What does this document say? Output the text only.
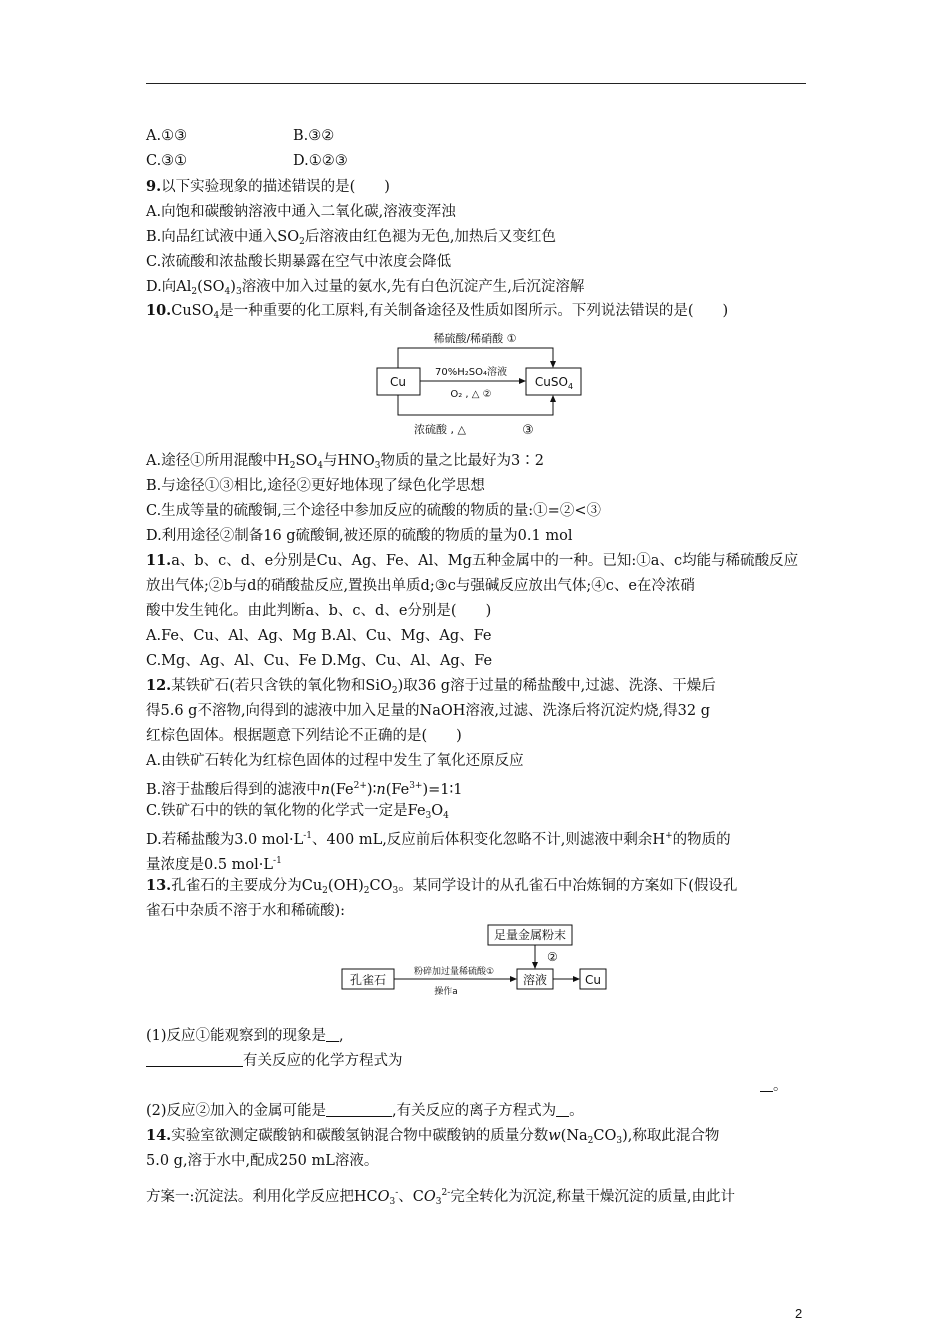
A.①③	B.③②
C.③①	D.①②③
9.以下实验现象的描述错误的是(　　)
A.向饱和碳酸钠溶液中通入二氧化碳,溶液变浑浊
B.向品红试液中通入$SO_2$后溶液由红色褪为无色,加热后又变红色
C.浓硫酸和浓盐酸长期暴露在空气中浓度会降低
D.向$Al_2(SO_4)_3$溶液中加入过量的氨水,先有白色沉淀产生,后沉淀溶解
10.CuSO$_4$是一种重要的化工原料,有关制备途径及性质如图所示。下列说法错误的是(　　)
Cu	CuSO$_4$
稀硫酸/稀硝酸 ①
70%H₂SO₄溶液
O₂ , △ ②
浓硫酸 , △	③
A.途径①所用混酸中$H_2SO_4$与$HNO_3$物质的量之比最好为3∶2
B.与途径①③相比,途径②更好地体现了绿色化学思想
C.生成等量的硫酸铜,三个途径中参加反应的硫酸的物质的量:①=②<③
D.利用途径②制备16 g硫酸铜,被还原的硫酸的物质的量为0.1 mol
11.a、b、c、d、e分别是Cu、Ag、Fe、Al、Mg五种金属中的一种。已知:①a、c均能与稀硫酸反应
放出气体;②b与d的硝酸盐反应,置换出单质d;③c与强碱反应放出气体;④c、e在冷浓硝
酸中发生钝化。由此判断a、b、c、d、e分别是(　　)
A.Fe、Cu、Al、Ag、Mg B.Al、Cu、Mg、Ag、Fe
C.Mg、Ag、Al、Cu、Fe D.Mg、Cu、Al、Ag、Fe
12.某铁矿石(若只含铁的氧化物和SiO$_2$)取36 g溶于过量的稀盐酸中,过滤、洗涤、干燥后
得5.6 g不溶物,向得到的滤液中加入足量的NaOH溶液,过滤、洗涤后将沉淀灼烧,得32 g
红棕色固体。根据题意下列结论不正确的是(　　)
A.由铁矿石转化为红棕色固体的过程中发生了氧化还原反应
B.溶于盐酸后得到的滤液中$n(Fe^{2+})∶n(Fe^{3+})=1∶1$
C.铁矿石中的铁的氧化物的化学式一定是$Fe_3O_4$
D.若稀盐酸为3.0 $mol\cdot L^{-1}$、400 mL,反应前后体积变化忽略不计,则滤液中剩余H+的物质的
量浓度是0.5 $mol\cdot L^{-1}$
13.孔雀石的主要成分为$Cu_2(OH)_2CO_3$。某同学设计的从孔雀石中冶炼铜的方案如下(假设孔
雀石中杂质不溶于水和稀硫酸):
足量金属粉末
②
孔雀石
粉碎加过量稀硫酸①
操作a
溶液	Cu
(1)反应①能观察到的现象是 ,
有关反应的化学方程式为
。
(2)反应②加入的金属可能是	,有关反应的离子方程式为 。
14.实验室欲测定碳酸钠和碳酸氢钠混合物中碳酸钠的质量分数$w(Na_2CO_3)$,称取此混合物
5.0 g,溶于水中,配成250 mL溶液。
方案一:沉淀法。利用化学反应把$HCO_3^-$、$CO_3^{2-}$完全转化为沉淀,称量干燥沉淀的质量,由此计
2
